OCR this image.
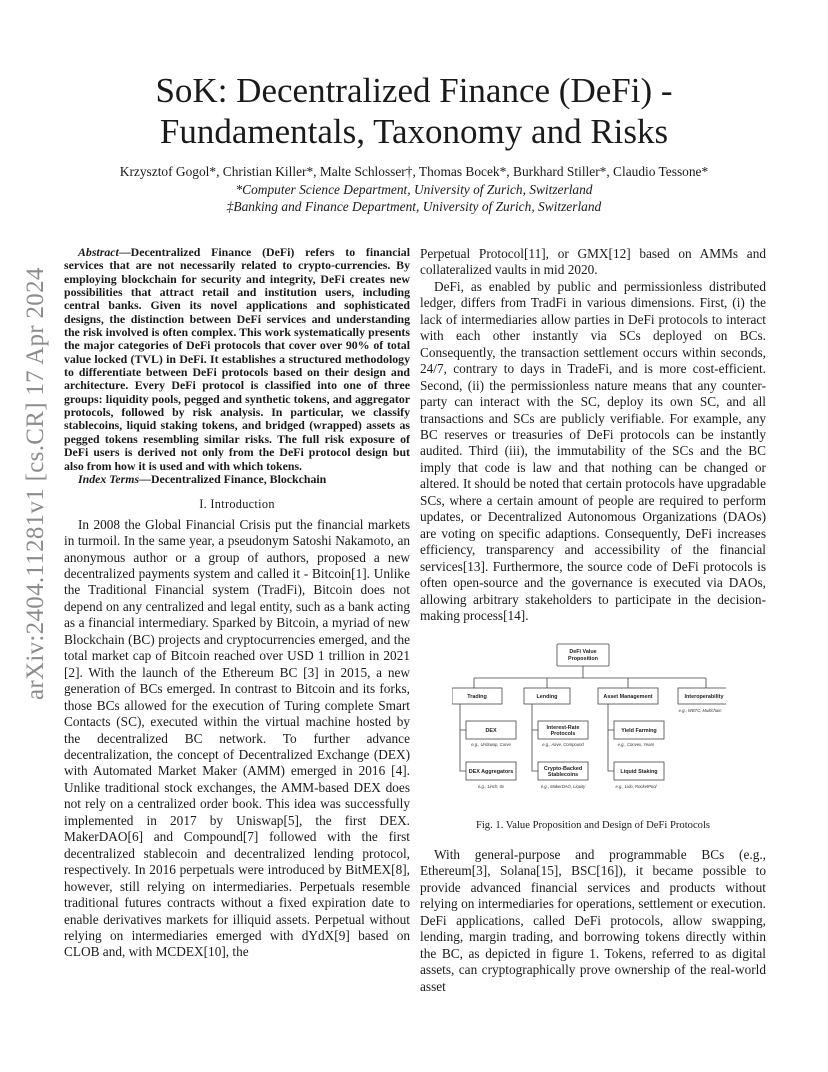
arXiv:2404.11281v1 [cs.CR] 17 Apr 2024
SoK: Decentralized Finance (DeFi) -
Fundamentals, Taxonomy and Risks
Krzysztof Gogol*, Christian Killer*, Malte Schlosser†, Thomas Bocek*, Burkhard Stiller*, Claudio Tessone*
*Computer Science Department, University of Zurich, Switzerland
‡Banking and Finance Department, University of Zurich, Switzerland

Abstract—Decentralized Finance (DeFi) refers to financial services that are not necessarily related to crypto-currencies. By employing blockchain for security and integrity, DeFi creates new possibilities that attract retail and institution users, including central banks. Given its novel applications and sophisticated designs, the distinction between DeFi services and understanding the risk involved is often complex. This work systematically presents the major categories of DeFi protocols that cover over 90% of total value locked (TVL) in DeFi. It establishes a structured methodology to differentiate between DeFi protocols based on their design and architecture. Every DeFi protocol is classified into one of three groups: liquidity pools, pegged and synthetic tokens, and aggregator protocols, followed by risk analysis. In particular, we classify stablecoins, liquid staking tokens, and bridged (wrapped) assets as pegged tokens resembling similar risks. The full risk exposure of DeFi users is derived not only from the DeFi protocol design but also from how it is used and with which tokens.

Index Terms—Decentralized Finance, Blockchain

I. Introduction

In 2008 the Global Financial Crisis put the financial markets in turmoil. In the same year, a pseudonym Satoshi Nakamoto, an anonymous author or a group of authors, proposed a new decentralized payments system and called it - Bitcoin[1]. Unlike the Traditional Financial system (TradFi), Bitcoin does not depend on any centralized and legal entity, such as a bank acting as a financial intermediary. Sparked by Bitcoin, a myriad of new Blockchain (BC) projects and cryptocurrencies emerged, and the total market cap of Bitcoin reached over USD 1 trillion in 2021 [2]. With the launch of the Ethereum BC [3] in 2015, a new generation of BCs emerged. In contrast to Bitcoin and its forks, those BCs allowed for the execution of Turing complete Smart Contacts (SC), executed within the virtual machine hosted by the decentralized BC network. To further advance decentralization, the concept of Decentralized Exchange (DEX) with Automated Market Maker (AMM) emerged in 2016 [4]. Unlike traditional stock exchanges, the AMM-based DEX does not rely on a centralized order book. This idea was successfully implemented in 2017 by Uniswap[5], the first DEX. MakerDAO[6] and Compound[7] followed with the first decentralized stablecoin and decentralized lending protocol, respectively. In 2016 perpetuals were introduced by BitMEX[8], however, still relying on intermediaries. Perpetuals resemble traditional futures contracts without a fixed expiration date to enable derivatives markets for illiquid assets. Perpetual without relying on intermediaries emerged with dYdX[9] based on CLOB and, with MCDEX[10], the

Perpetual Protocol[11], or GMX[12] based on AMMs and collateralized vaults in mid 2020.

DeFi, as enabled by public and permissionless distributed ledger, differs from TradFi in various dimensions. First, (i) the lack of intermediaries allow parties in DeFi protocols to interact with each other instantly via SCs deployed on BCs. Consequently, the transaction settlement occurs within seconds, 24/7, contrary to days in TradeFi, and is more cost-efficient. Second, (ii) the permissionless nature means that any counter-party can interact with the SC, deploy its own SC, and all transactions and SCs are publicly verifiable. For example, any BC reserves or treasuries of DeFi protocols can be instantly audited. Third (iii), the immutability of the SCs and the BC imply that code is law and that nothing can be changed or altered. It should be noted that certain protocols have upgradable SCs, where a certain amount of people are required to perform updates, or Decentralized Autonomous Organizations (DAOs) are voting on specific adaptions. Consequently, DeFi increases efficiency, transparency and accessibility of the financial services[13]. Furthermore, the source code of DeFi protocols is often open-source and the governance is executed via DAOs, allowing arbitrary stakeholders to participate in the decision-making process[14].

DeFi Value
Proposition
Trading	Lending	Asset Management	Interoperability
e.g., WBTC, Multichain
DEX
e.g., UniSwap, Curve
Interest-Rate
Protocols
e.g., Aave, Compound
Yield Farming
e.g., Convex, Yearn
DEX Aggregators
e.g., 1inch, 0x
Crypto-Backed
Stablecoins
e.g., MakerDAO, Liquity
Liquid Staking
e.g., Lido, RocketPool
Fig. 1. Value Proposition and Design of DeFi Protocols

With general-purpose and programmable BCs (e.g., Ethereum[3], Solana[15], BSC[16]), it became possible to provide advanced financial services and products without relying on intermediaries for operations, settlement or execution. DeFi applications, called DeFi protocols, allow swapping, lending, margin trading, and borrowing tokens directly within the BC, as depicted in figure 1. Tokens, referred to as digital assets, can cryptographically prove ownership of the real-world asset
